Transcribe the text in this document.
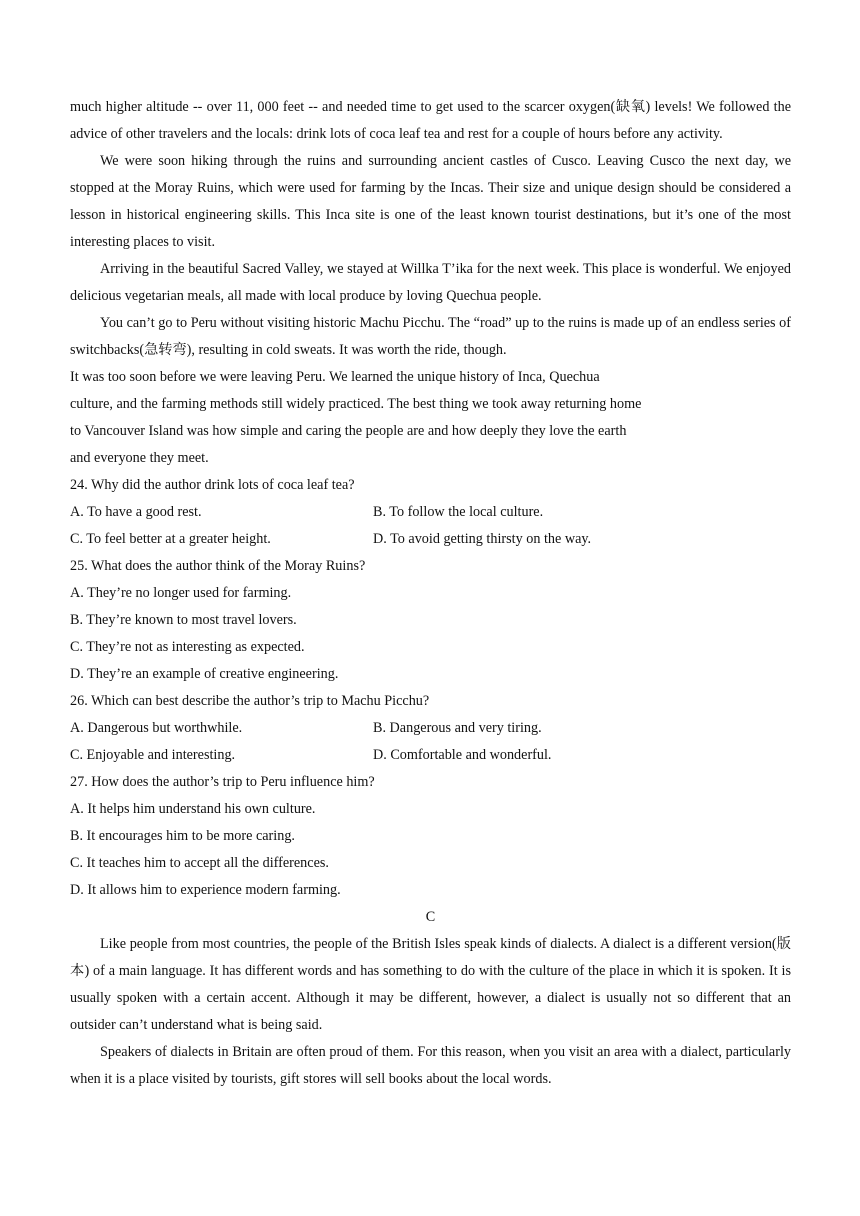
much higher altitude -- over 11, 000 feet -- and needed time to get used to the scarcer oxygen(缺氧) levels! We followed the advice of other travelers and the locals: drink lots of coca leaf tea and rest for a couple of hours before any activity.

We were soon hiking through the ruins and surrounding ancient castles of Cusco. Leaving Cusco the next day, we stopped at the Moray Ruins, which were used for farming by the Incas. Their size and unique design should be considered a lesson in historical engineering skills. This Inca site is one of the least known tourist destinations, but it’s one of the most interesting places to visit.

Arriving in the beautiful Sacred Valley, we stayed at Willka T’ika for the next week. This place is wonderful. We enjoyed delicious vegetarian meals, all made with local produce by loving Quechua people.

You can’t go to Peru without visiting historic Machu Picchu. The “road” up to the ruins is made up of an endless series of switchbacks(急转弯), resulting in cold sweats. It was worth the ride, though.

It was too soon before we were leaving Peru. We learned the unique history of Inca, Quechua

culture, and the farming methods still widely practiced. The best thing we took away returning home

to Vancouver Island was how simple and caring the people are and how deeply they love the earth

and everyone they meet.

24. Why did the author drink lots of coca leaf tea?

A. To have a good rest.	B. To follow the local culture.
C. To feel better at a greater height.	D. To avoid getting thirsty on the way.

25. What does the author think of the Moray Ruins?

A. They’re no longer used for farming.

B. They’re known to most travel lovers.

C. They’re not as interesting as expected.

D. They’re an example of creative engineering.

26. Which can best describe the author’s trip to Machu Picchu?

A. Dangerous but worthwhile.	B. Dangerous and very tiring.
C. Enjoyable and interesting.	D. Comfortable and wonderful.

27. How does the author’s trip to Peru influence him?

A. It helps him understand his own culture.

B. It encourages him to be more caring.

C. It teaches him to accept all the differences.

D. It allows him to experience modern farming.

C

Like people from most countries, the people of the British Isles speak kinds of dialects. A dialect is a different version(版本) of a main language. It has different words and has something to do with the culture of the place in which it is spoken. It is usually spoken with a certain accent. Although it may be different, however, a dialect is usually not so different that an outsider can’t understand what is being said.

Speakers of dialects in Britain are often proud of them. For this reason, when you visit an area with a dialect, particularly when it is a place visited by tourists, gift stores will sell books about the local words.
